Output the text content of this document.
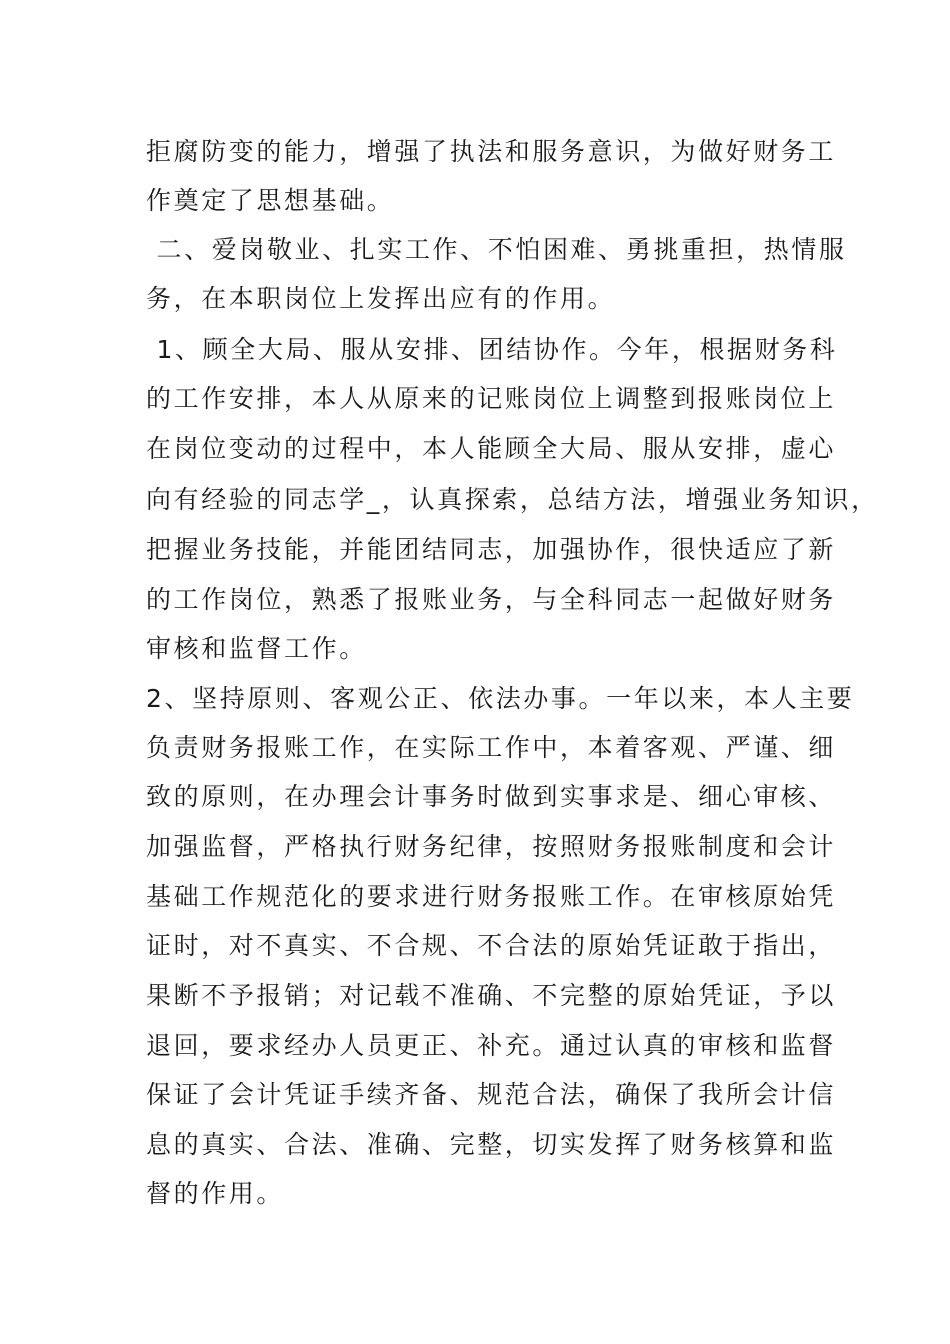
拒腐防变的能力，增强了执法和服务意识，为做好财务工
作奠定了思想基础。
二、爱岗敬业、扎实工作、不怕困难、勇挑重担，热情服
务，在本职岗位上发挥出应有的作用。
1、顾全大局、服从安排、团结协作。今年，根据财务科
的工作安排，本人从原来的记账岗位上调整到报账岗位上
在岗位变动的过程中，本人能顾全大局、服从安排，虚心
向有经验的同志学_，认真探索，总结方法，增强业务知识，
把握业务技能，并能团结同志，加强协作，很快适应了新
的工作岗位，熟悉了报账业务，与全科同志一起做好财务
审核和监督工作。
2、坚持原则、客观公正、依法办事。一年以来，本人主要
负责财务报账工作，在实际工作中，本着客观、严谨、细
致的原则，在办理会计事务时做到实事求是、细心审核、
加强监督，严格执行财务纪律，按照财务报账制度和会计
基础工作规范化的要求进行财务报账工作。在审核原始凭
证时，对不真实、不合规、不合法的原始凭证敢于指出，
果断不予报销；对记载不准确、不完整的原始凭证，予以
退回，要求经办人员更正、补充。通过认真的审核和监督
保证了会计凭证手续齐备、规范合法，确保了我所会计信
息的真实、合法、准确、完整，切实发挥了财务核算和监
督的作用。
